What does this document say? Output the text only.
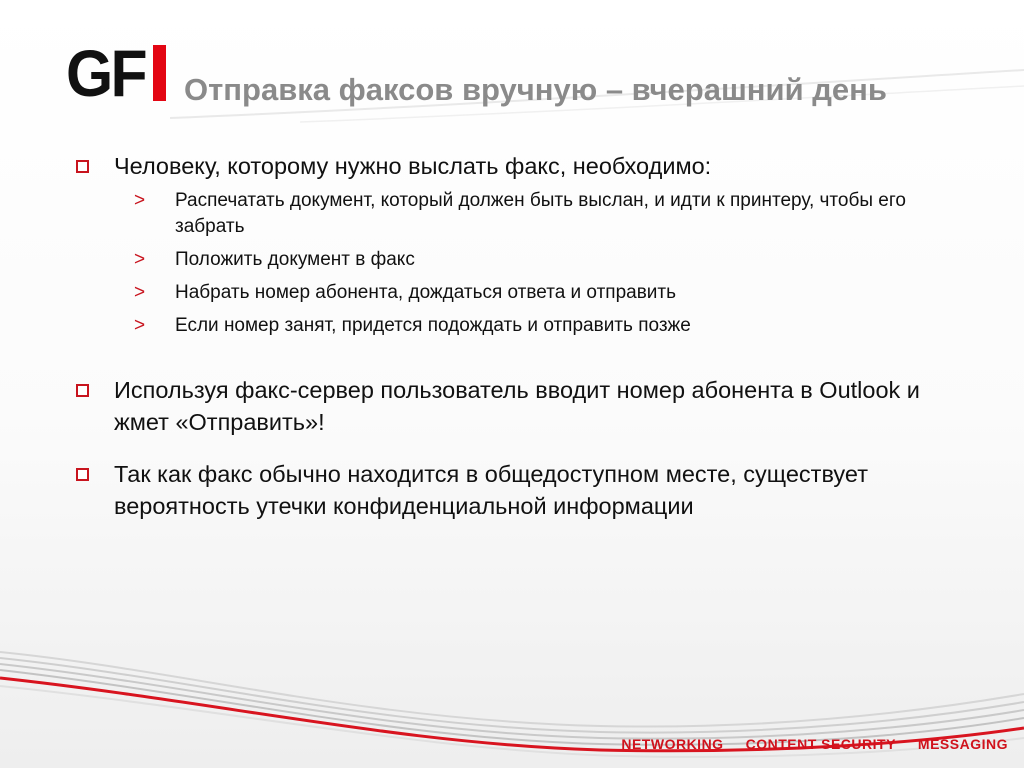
GF Отправка факсов вручную – вчерашний день
Человеку, которому нужно выслать факс, необходимо:
> Распечатать документ, который должен быть выслан, и идти к принтеру, чтобы его забрать
> Положить документ в факс
> Набрать номер абонента, дождаться ответа и отправить
> Если номер занят, придется подождать и отправить позже
Используя факс-сервер пользователь вводит номер абонента в Outlook и жмет «Отправить»!
Так как факс обычно находится в общедоступном месте, существует вероятность утечки конфиденциальной информации
NETWORKING CONTENT SECURITY MESSAGING
